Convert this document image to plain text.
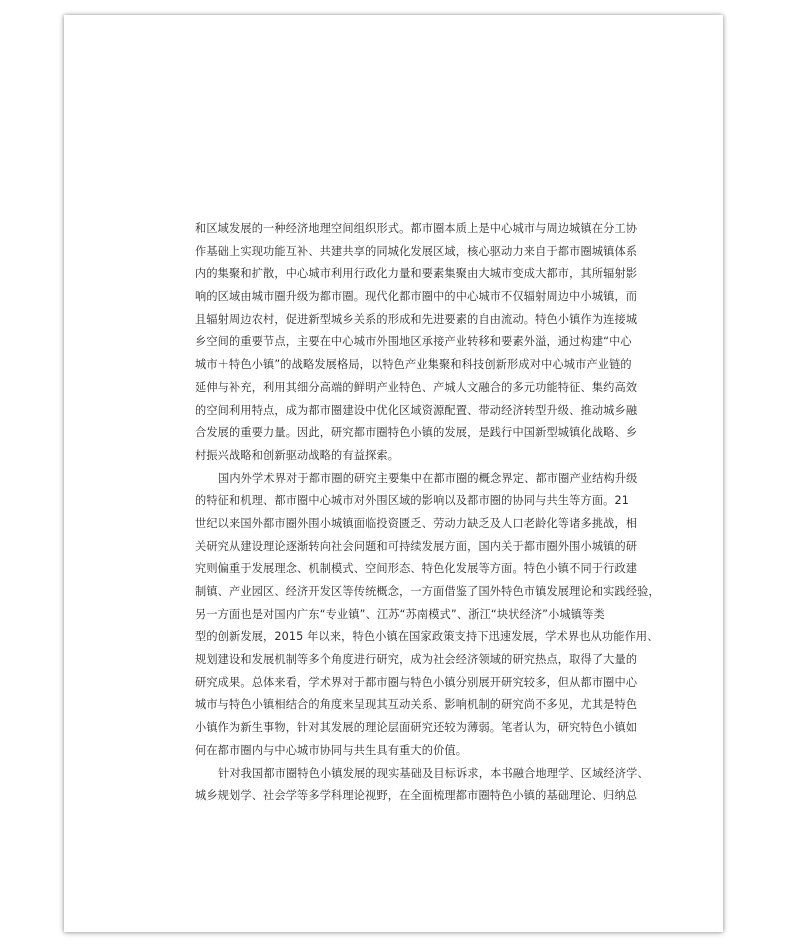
和区域发展的一种经济地理空间组织形式。都市圈本质上是中心城市与周边城镇在分工协
作基础上实现功能互补、共建共享的同城化发展区域，核心驱动力来自于都市圈城镇体系
内的集聚和扩散，中心城市利用行政化力量和要素集聚由大城市变成大都市，其所辐射影
响的区域由城市圈升级为都市圈。现代化都市圈中的中心城市不仅辐射周边中小城镇，而
且辐射周边农村，促进新型城乡关系的形成和先进要素的自由流动。特色小镇作为连接城
乡空间的重要节点，主要在中心城市外围地区承接产业转移和要素外溢，通过构建“中心
城市＋特色小镇”的战略发展格局，以特色产业集聚和科技创新形成对中心城市产业链的
延伸与补充，利用其细分高端的鲜明产业特色、产城人文融合的多元功能特征、集约高效
的空间利用特点，成为都市圈建设中优化区域资源配置、带动经济转型升级、推动城乡融
合发展的重要力量。因此，研究都市圈特色小镇的发展，是践行中国新型城镇化战略、乡
村振兴战略和创新驱动战略的有益探索。
国内外学术界对于都市圈的研究主要集中在都市圈的概念界定、都市圈产业结构升级
的特征和机理、都市圈中心城市对外围区域的影响以及都市圈的协同与共生等方面。21
世纪以来国外都市圈外围小城镇面临投资匮乏、劳动力缺乏及人口老龄化等诸多挑战，相
关研究从建设理论逐渐转向社会问题和可持续发展方面，国内关于都市圈外围小城镇的研
究则偏重于发展理念、机制模式、空间形态、特色化发展等方面。特色小镇不同于行政建
制镇、产业园区、经济开发区等传统概念，一方面借鉴了国外特色市镇发展理论和实践经验，
另一方面也是对国内广东“专业镇”、江苏“苏南模式”、浙江“块状经济”小城镇等类
型的创新发展，2015 年以来，特色小镇在国家政策支持下迅速发展，学术界也从功能作用、
规划建设和发展机制等多个角度进行研究，成为社会经济领域的研究热点，取得了大量的
研究成果。总体来看，学术界对于都市圈与特色小镇分别展开研究较多，但从都市圈中心
城市与特色小镇相结合的角度来呈现其互动关系、影响机制的研究尚不多见，尤其是特色
小镇作为新生事物，针对其发展的理论层面研究还较为薄弱。笔者认为，研究特色小镇如
何在都市圈内与中心城市协同与共生具有重大的价值。
针对我国都市圈特色小镇发展的现实基础及目标诉求，本书融合地理学、区域经济学、
城乡规划学、社会学等多学科理论视野，在全面梳理都市圈特色小镇的基础理论、归纳总
